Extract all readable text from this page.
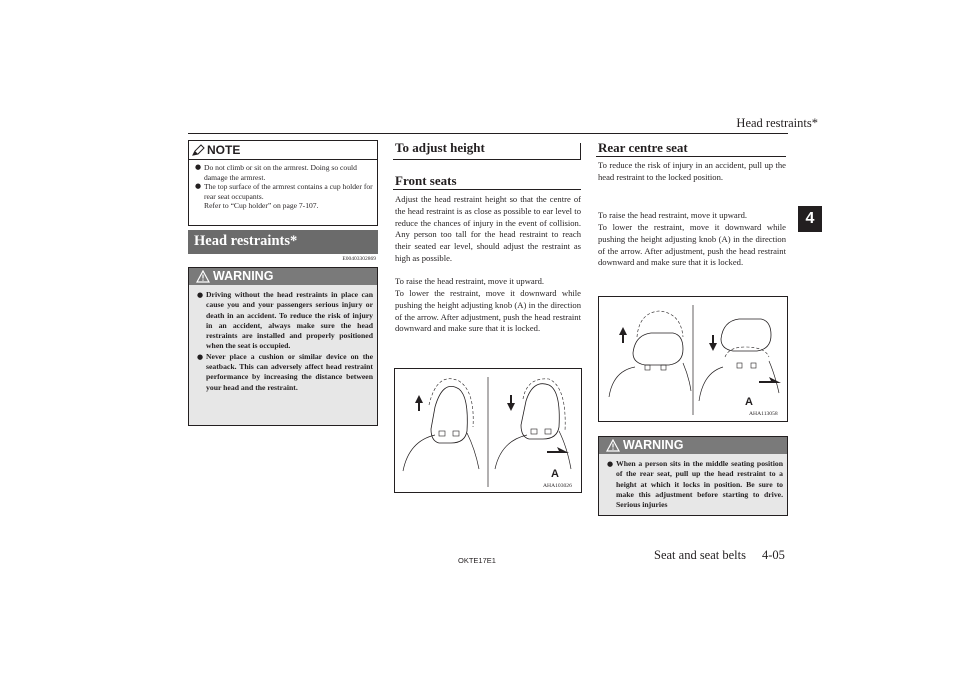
Head restraints*
4
NOTE
● Do not climb or sit on the armrest. Doing so could damage the armrest.
● The top surface of the armrest contains a cup holder for rear seat occupants.
Refer to “Cup holder” on page 7-107.
Head restraints*
E00403302869
WARNING
● Driving without the head restraints in place can cause you and your passengers serious injury or death in an accident. To reduce the risk of injury in an accident, always make sure the head restraints are installed and properly positioned when the seat is occupied.
● Never place a cushion or similar device on the seatback. This can adversely affect head restraint performance by increasing the distance between your head and the restraint.
To adjust height
Front seats
Adjust the head restraint height so that the centre of the head restraint is as close as possible to ear level to reduce the chances of injury in the event of collision. Any person too tall for the head restraint to reach their seated ear level, should adjust the restraint as high as possible.
To raise the head restraint, move it upward.
To lower the restraint, move it downward while pushing the height adjusting knob (A) in the direction of the arrow. After adjustment, push the head restraint downward and make sure that it is locked.
A
AHA103026
Rear centre seat
To reduce the risk of injury in an accident, pull up the head restraint to the locked position.
To raise the head restraint, move it upward.
To lower the restraint, move it downward while pushing the height adjusting knob (A) in the direction of the arrow. After adjustment, push the head restraint downward and make sure that it is locked.
A
AHA113058
WARNING
● When a person sits in the middle seating position of the rear seat, pull up the head restraint to a height at which it locks in position. Be sure to make this adjustment before starting to drive. Serious injuries
OKTE17E1	Seat and seat belts 4-05
